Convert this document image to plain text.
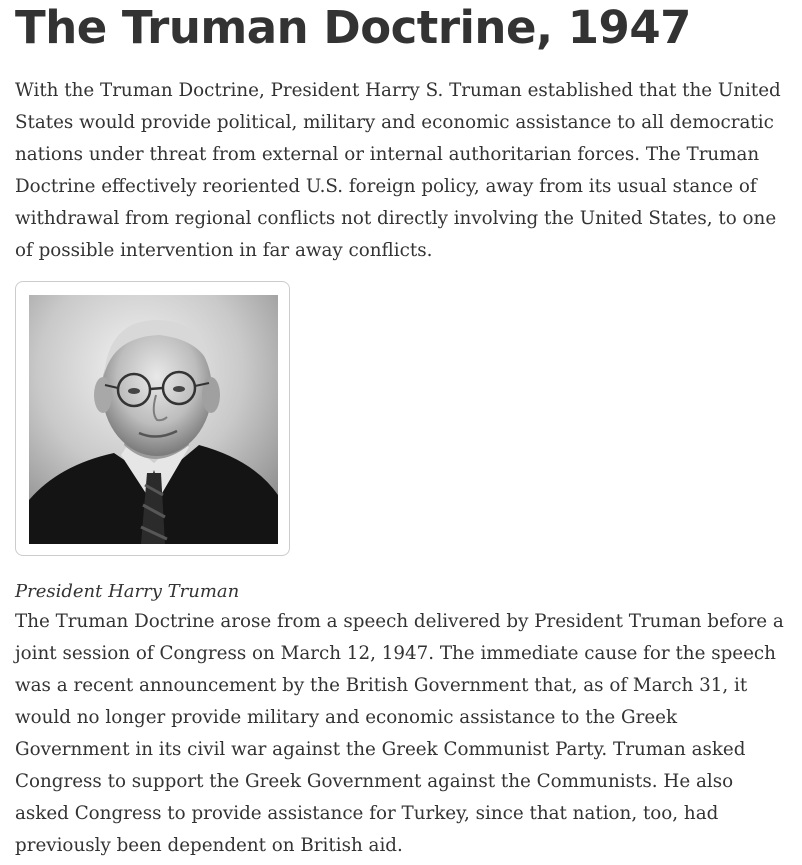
The Truman Doctrine, 1947

With the Truman Doctrine, President Harry S. Truman established that the United States would provide political, military and economic assistance to all democratic nations under threat from external or internal authoritarian forces. The Truman Doctrine effectively reoriented U.S. foreign policy, away from its usual stance of withdrawal from regional conflicts not directly involving the United States, to one of possible intervention in far away conflicts.

President Harry Truman

The Truman Doctrine arose from a speech delivered by President Truman before a joint session of Congress on March 12, 1947. The immediate cause for the speech was a recent announcement by the British Government that, as of March 31, it would no longer provide military and economic assistance to the Greek Government in its civil war against the Greek Communist Party. Truman asked Congress to support the Greek Government against the Communists. He also asked Congress to provide assistance for Turkey, since that nation, too, had previously been dependent on British aid.
